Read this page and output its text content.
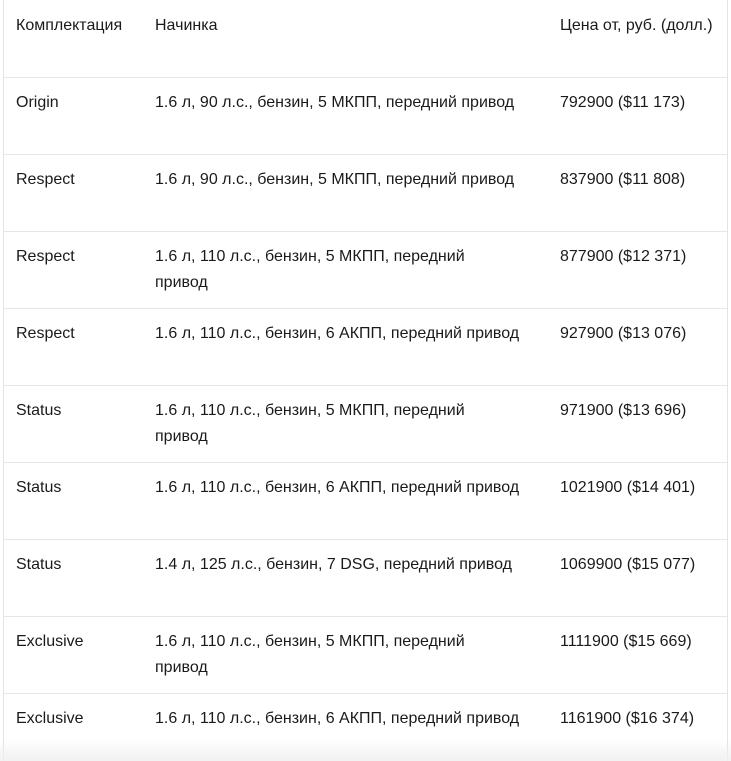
Комплектация	Начинка	Цена от, руб. (долл.)
Origin	1.6 л, 90 л.с., бензин, 5 МКПП, передний привод	792900 ($11 173)
Respect	1.6 л, 90 л.с., бензин, 5 МКПП, передний привод	837900 ($11 808)
Respect	1.6 л, 110 л.с., бензин, 5 МКПП, передний привод	877900 ($12 371)
Respect	1.6 л, 110 л.с., бензин, 6 АКПП, передний привод	927900 ($13 076)
Status	1.6 л, 110 л.с., бензин, 5 МКПП, передний привод	971900 ($13 696)
Status	1.6 л, 110 л.с., бензин, 6 АКПП, передний привод	1021900 ($14 401)
Status	1.4 л, 125 л.с., бензин, 7 DSG, передний привод	1069900 ($15 077)
Exclusive	1.6 л, 110 л.с., бензин, 5 МКПП, передний привод	1111900 ($15 669)
Exclusive	1.6 л, 110 л.с., бензин, 6 АКПП, передний привод	1161900 ($16 374)
